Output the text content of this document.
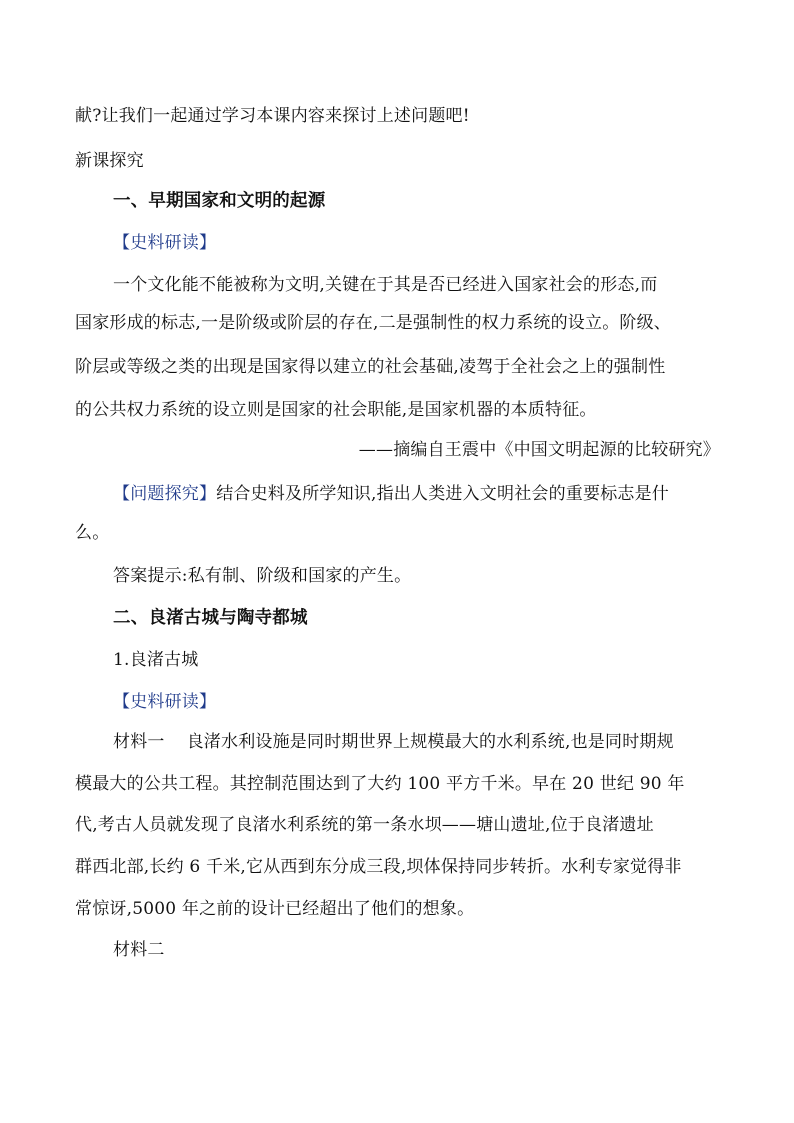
献?让我们一起通过学习本课内容来探讨上述问题吧!
新课探究
一、早期国家和文明的起源
【史料研读】
一个文化能不能被称为文明,关键在于其是否已经进入国家社会的形态,而
国家形成的标志,一是阶级或阶层的存在,二是强制性的权力系统的设立。阶级、
阶层或等级之类的出现是国家得以建立的社会基础,凌驾于全社会之上的强制性
的公共权力系统的设立则是国家的社会职能,是国家机器的本质特征。
——摘编自王震中《中国文明起源的比较研究》
【问题探究】结合史料及所学知识,指出人类进入文明社会的重要标志是什
么。
答案提示:私有制、阶级和国家的产生。
二、良渚古城与陶寺都城
1.良渚古城
【史料研读】
材料一 良渚水利设施是同时期世界上规模最大的水利系统,也是同时期规
模最大的公共工程。其控制范围达到了大约 100 平方千米。早在 20 世纪 90 年
代,考古人员就发现了良渚水利系统的第一条水坝——塘山遗址,位于良渚遗址
群西北部,长约 6 千米,它从西到东分成三段,坝体保持同步转折。水利专家觉得非
常惊讶,5000 年之前的设计已经超出了他们的想象。
材料二
